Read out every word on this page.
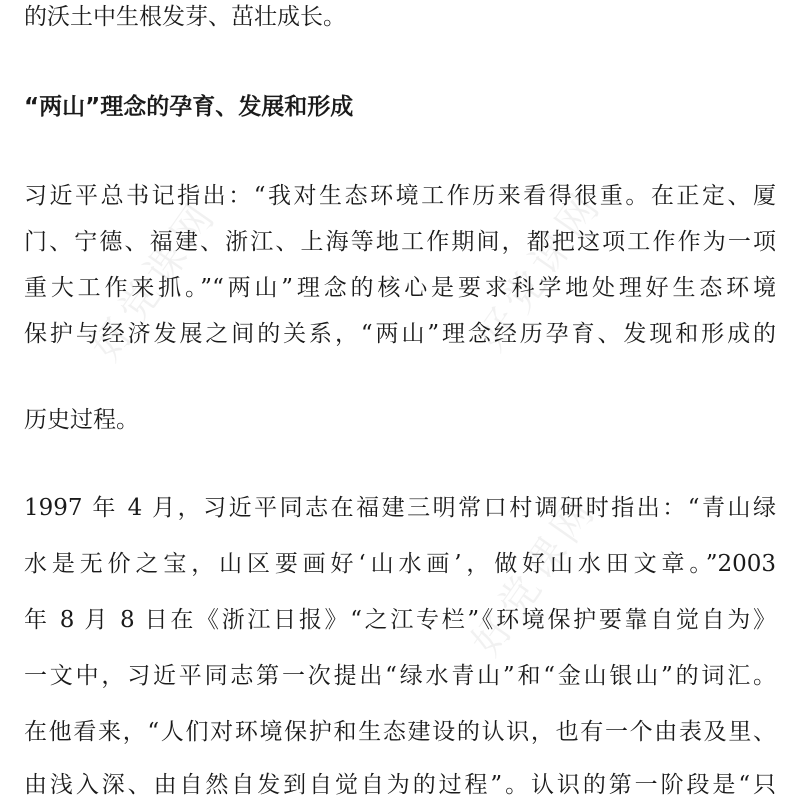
好党课网
好党课网
好党课网
的沃土中生根发芽、茁壮成长。
“两山”理念的孕育、发展和形成
习近平总书记指出：“我对生态环境工作历来看得很重。在正定、厦
门、宁德、福建、浙江、上海等地工作期间，都把这项工作作为一项
重大工作来抓。”“两山”理念的核心是要求科学地处理好生态环境
保护与经济发展之间的关系，“两山”理念经历孕育、发现和形成的
历史过程。
1997 年 4 月，习近平同志在福建三明常口村调研时指出：“青山绿
水是无价之宝，山区要画好‘山水画’，做好山水田文章。”2003
年 8 月 8 日在《浙江日报》“之江专栏”《环境保护要靠自觉自为》
一文中，习近平同志第一次提出“绿水青山”和“金山银山”的词汇。
在他看来，“人们对环境保护和生态建设的认识，也有一个由表及里、
由浅入深、由自然自发到自觉自为的过程”。认识的第一阶段是“只
